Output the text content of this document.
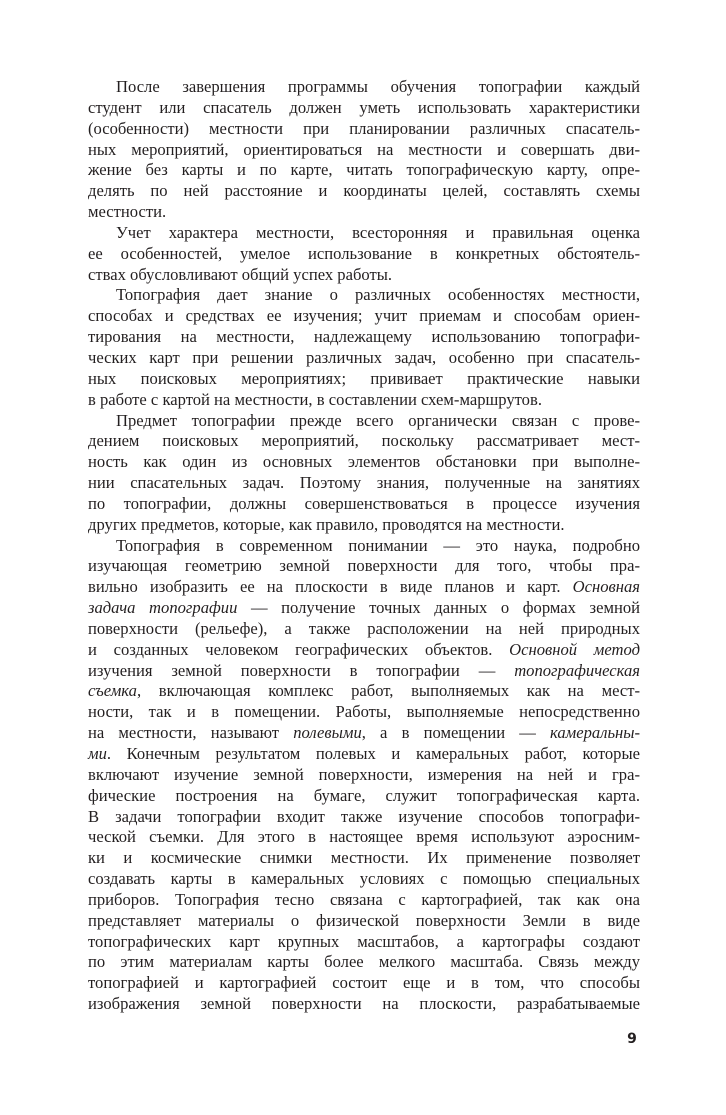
После завершения программы обучения топографии каждый
студент или спасатель должен уметь использовать характеристики
(особенности) местности при планировании различных спасатель-
ных мероприятий, ориентироваться на местности и совершать дви-
жение без карты и по карте, читать топографическую карту, опре-
делять по ней расстояние и координаты целей, составлять схемы
местности.
Учет характера местности, всесторонняя и правильная оценка
ее особенностей, умелое использование в конкретных обстоятель-
ствах обусловливают общий успех работы.
Топография дает знание о различных особенностях местности,
способах и средствах ее изучения; учит приемам и способам ориен-
тирования на местности, надлежащему использованию топографи-
ческих карт при решении различных задач, особенно при спасатель-
ных поисковых мероприятиях; прививает практические навыки
в работе с картой на местности, в составлении схем-маршрутов.
Предмет топографии прежде всего органически связан с прове-
дением поисковых мероприятий, поскольку рассматривает мест-
ность как один из основных элементов обстановки при выполне-
нии спасательных задач. Поэтому знания, полученные на занятиях
по топографии, должны совершенствоваться в процессе изучения
других предметов, которые, как правило, проводятся на местности.
Топография в современном понимании — это наука, подробно
изучающая геометрию земной поверхности для того, чтобы пра-
вильно изобразить ее на плоскости в виде планов и карт. Основная
задача топографии — получение точных данных о формах земной
поверхности (рельефе), а также расположении на ней природных
и созданных человеком географических объектов. Основной метод
изучения земной поверхности в топографии — топографическая
съемка, включающая комплекс работ, выполняемых как на мест-
ности, так и в помещении. Работы, выполняемые непосредственно
на местности, называют полевыми, а в помещении — камеральны-
ми. Конечным результатом полевых и камеральных работ, которые
включают изучение земной поверхности, измерения на ней и гра-
фические построения на бумаге, служит топографическая карта.
В задачи топографии входит также изучение способов топографи-
ческой съемки. Для этого в настоящее время используют аэросним-
ки и космические снимки местности. Их применение позволяет
создавать карты в камеральных условиях с помощью специальных
приборов. Топография тесно связана с картографией, так как она
представляет материалы о физической поверхности Земли в виде
топографических карт крупных масштабов, а картографы создают
по этим материалам карты более мелкого масштаба. Связь между
топографией и картографией состоит еще и в том, что способы
изображения земной поверхности на плоскости, разрабатываемые
9
